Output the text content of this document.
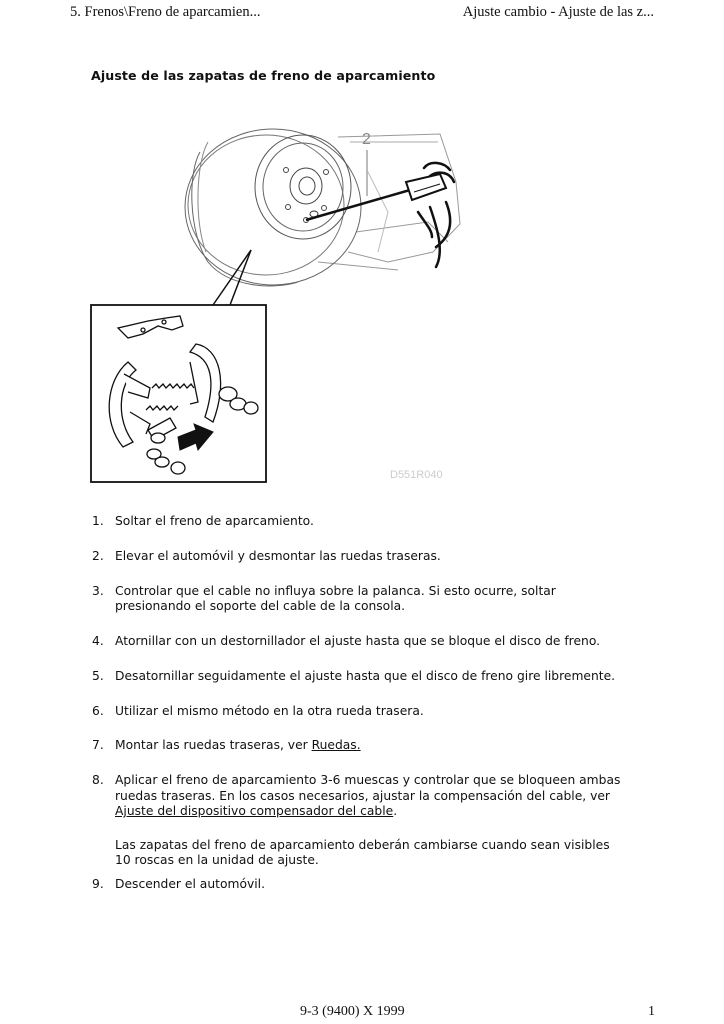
5. Frenos\Freno de aparcamien...	Ajuste cambio - Ajuste de las z...
Ajuste de las zapatas de freno de aparcamiento
2
D551R040
1. Soltar el freno de aparcamiento.
2. Elevar el automóvil y desmontar las ruedas traseras.
3. Controlar que el cable no influya sobre la palanca. Si esto ocurre, soltar
presionando el soporte del cable de la consola.
4. Atornillar con un destornillador el ajuste hasta que se bloque el disco de freno.
5. Desatornillar seguidamente el ajuste hasta que el disco de freno gire libremente.
6. Utilizar el mismo método en la otra rueda trasera.
7. Montar las ruedas traseras, ver Ruedas.
8. Aplicar el freno de aparcamiento 3-6 muescas y controlar que se bloqueen ambas
ruedas traseras. En los casos necesarios, ajustar la compensación del cable, ver
Ajuste del dispositivo compensador del cable.
Las zapatas del freno de aparcamiento deberán cambiarse cuando sean visibles
10 roscas en la unidad de ajuste.
9. Descender el automóvil.
9-3 (9400) X 1999	1
